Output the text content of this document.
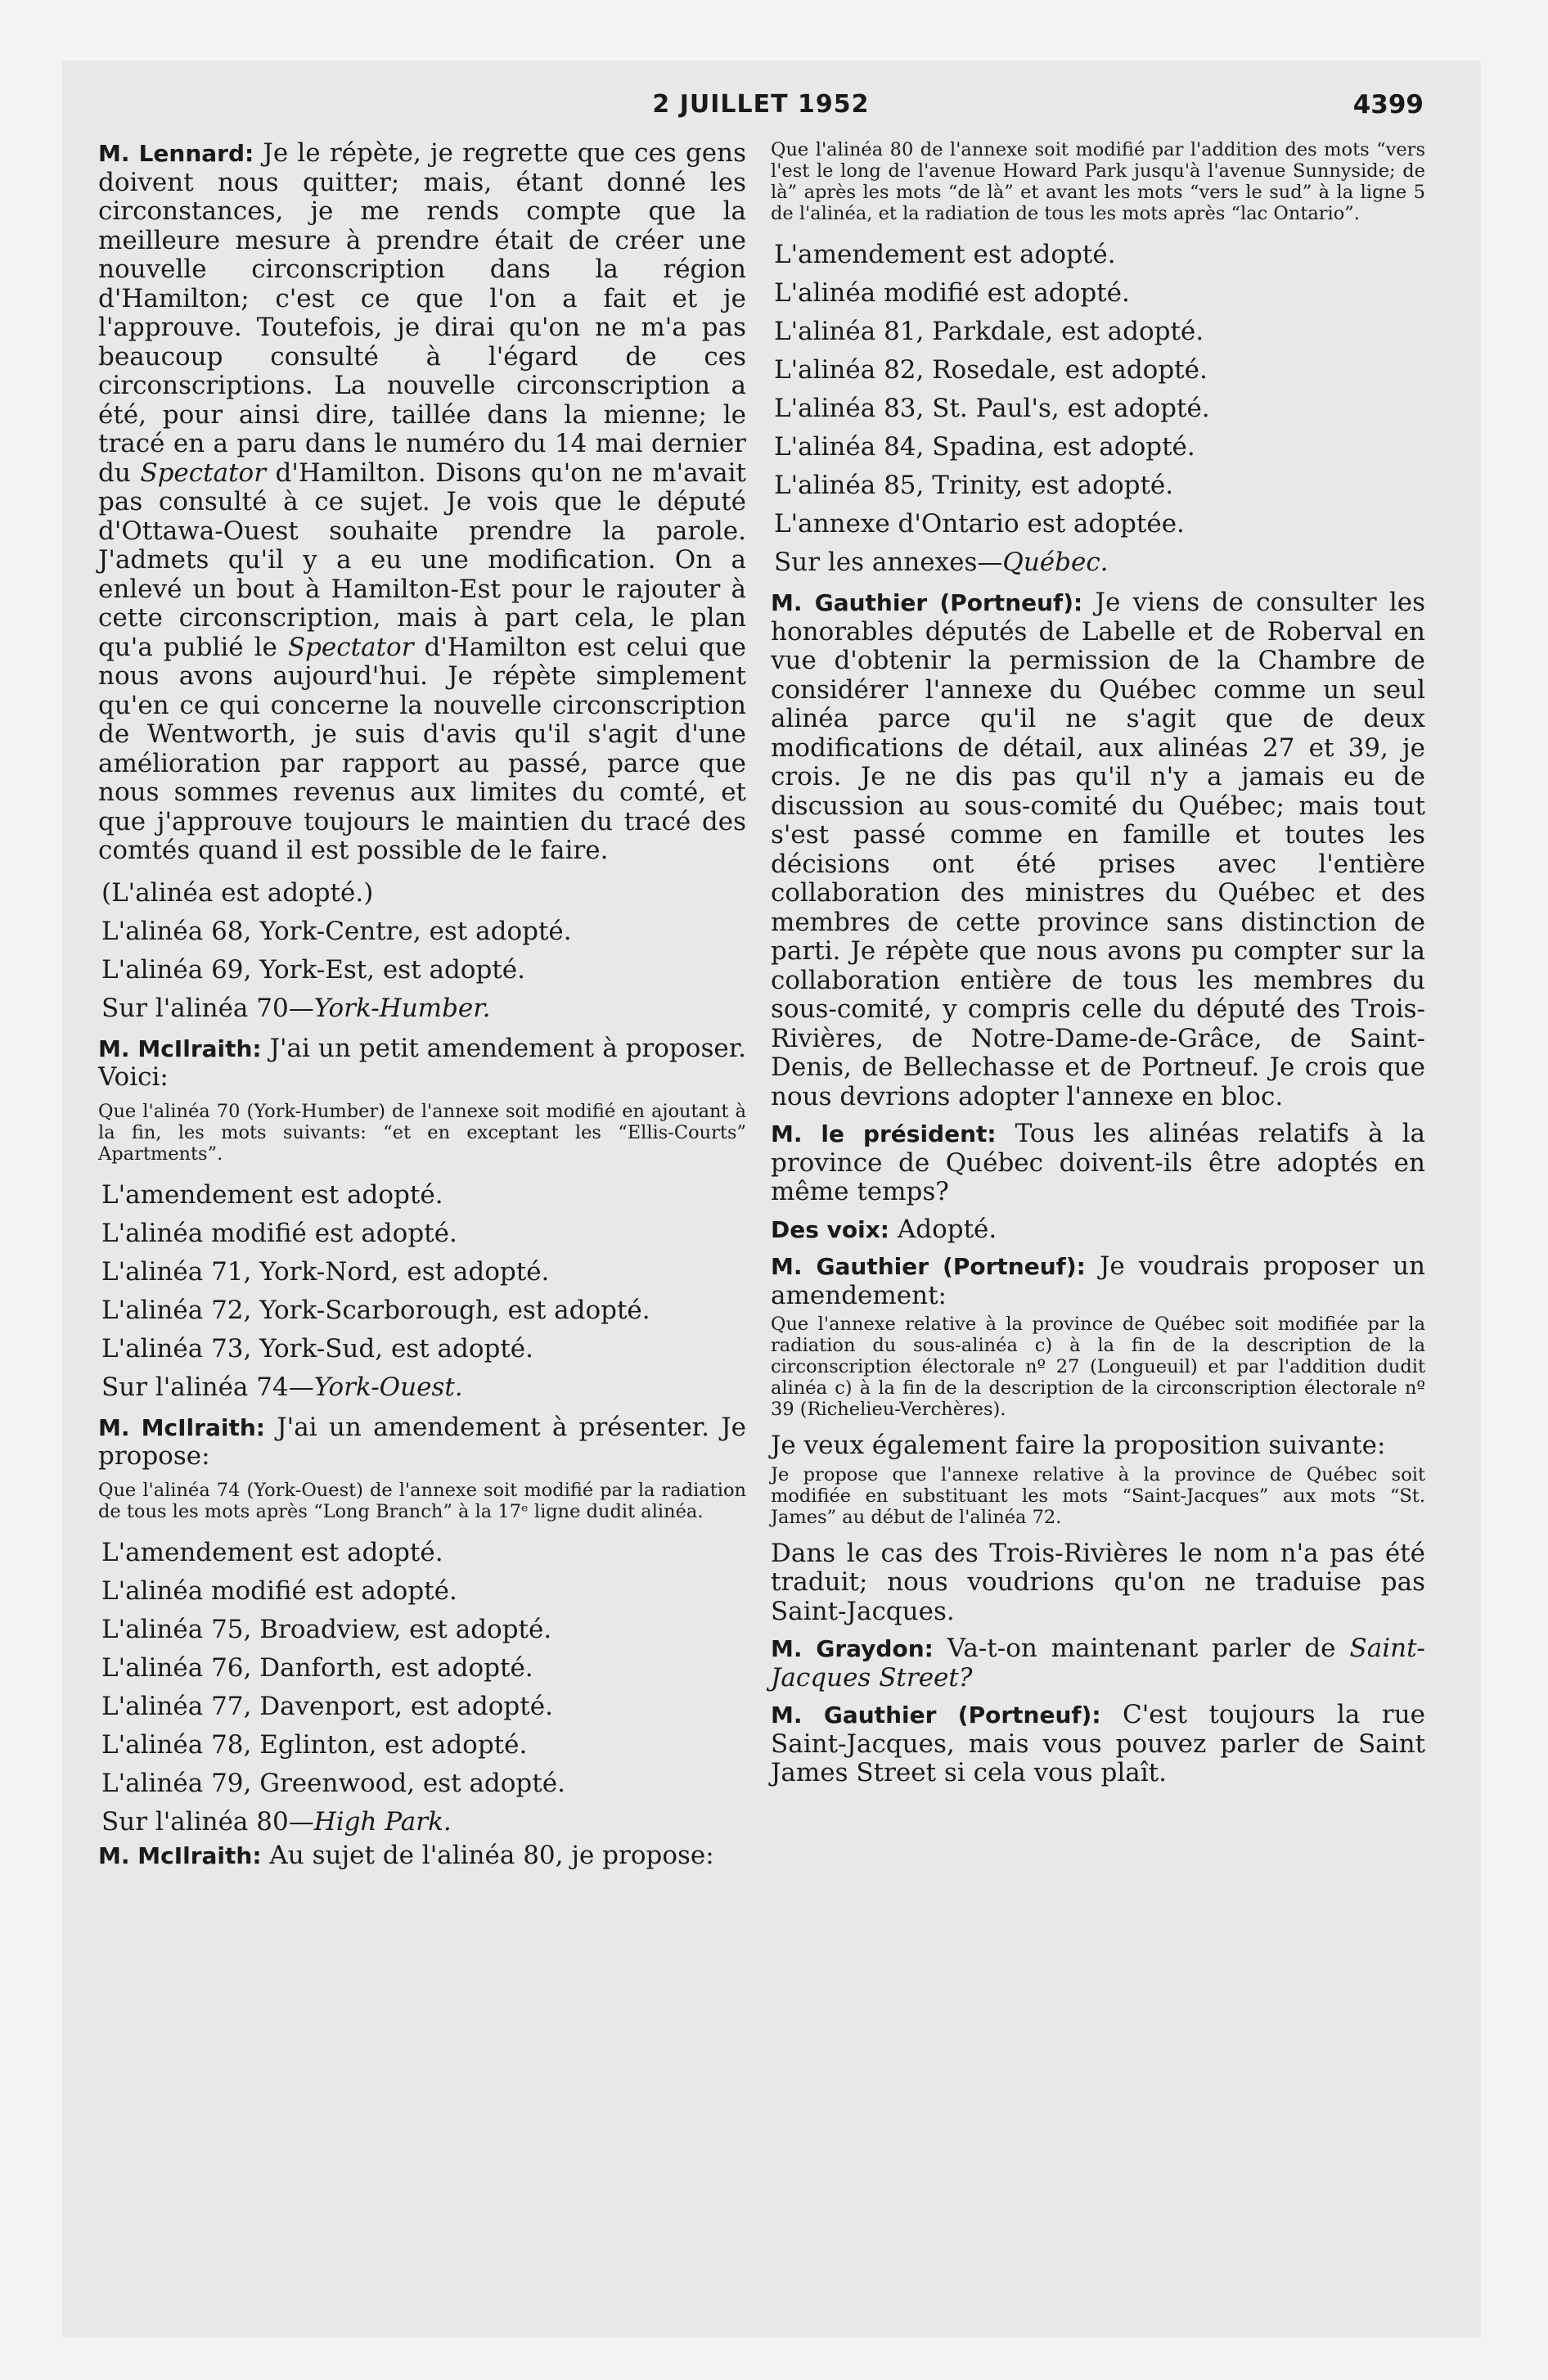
2 JUILLET 1952	4399

M. Lennard: Je le répète, je regrette que ces gens doivent nous quitter; mais, étant donné les circonstances, je me rends compte que la meilleure mesure à prendre était de créer une nouvelle circonscription dans la région d'Hamilton; c'est ce que l'on a fait et je l'approuve. Toutefois, je dirai qu'on ne m'a pas beaucoup consulté à l'égard de ces circonscriptions. La nouvelle circonscription a été, pour ainsi dire, taillée dans la mienne; le tracé en a paru dans le numéro du 14 mai dernier du Spectator d'Hamilton. Disons qu'on ne m'avait pas consulté à ce sujet. Je vois que le député d'Ottawa-Ouest souhaite prendre la parole. J'admets qu'il y a eu une modification. On a enlevé un bout à Hamilton-Est pour le rajouter à cette circonscription, mais à part cela, le plan qu'a publié le Spectator d'Hamilton est celui que nous avons aujourd'hui. Je répète simplement qu'en ce qui concerne la nouvelle circonscription de Wentworth, je suis d'avis qu'il s'agit d'une amélioration par rapport au passé, parce que nous sommes revenus aux limites du comté, et que j'approuve toujours le maintien du tracé des comtés quand il est possible de le faire.

(L'alinéa est adopté.)
L'alinéa 68, York-Centre, est adopté.
L'alinéa 69, York-Est, est adopté.
Sur l'alinéa 70—York-Humber.

M. McIlraith: J'ai un petit amendement à proposer. Voici:

Que l'alinéa 70 (York-Humber) de l'annexe soit modifié en ajoutant à la fin, les mots suivants: “et en exceptant les “Ellis-Courts” Apartments”.

L'amendement est adopté.
L'alinéa modifié est adopté.
L'alinéa 71, York-Nord, est adopté.
L'alinéa 72, York-Scarborough, est adopté.
L'alinéa 73, York-Sud, est adopté.
Sur l'alinéa 74—York-Ouest.

M. McIlraith: J'ai un amendement à présenter. Je propose:

Que l'alinéa 74 (York-Ouest) de l'annexe soit modifié par la radiation de tous les mots après “Long Branch” à la 17ᵉ ligne dudit alinéa.

L'amendement est adopté.
L'alinéa modifié est adopté.
L'alinéa 75, Broadview, est adopté.
L'alinéa 76, Danforth, est adopté.
L'alinéa 77, Davenport, est adopté.
L'alinéa 78, Eglinton, est adopté.
L'alinéa 79, Greenwood, est adopté.
Sur l'alinéa 80—High Park.

M. McIlraith: Au sujet de l'alinéa 80, je propose:

Que l'alinéa 80 de l'annexe soit modifié par l'addition des mots “vers l'est le long de l'avenue Howard Park jusqu'à l'avenue Sunnyside; de là” après les mots “de là” et avant les mots “vers le sud” à la ligne 5 de l'alinéa, et la radiation de tous les mots après “lac Ontario”.

L'amendement est adopté.
L'alinéa modifié est adopté.
L'alinéa 81, Parkdale, est adopté.
L'alinéa 82, Rosedale, est adopté.
L'alinéa 83, St. Paul's, est adopté.
L'alinéa 84, Spadina, est adopté.
L'alinéa 85, Trinity, est adopté.
L'annexe d'Ontario est adoptée.
Sur les annexes—Québec.

M. Gauthier (Portneuf): Je viens de consulter les honorables députés de Labelle et de Roberval en vue d'obtenir la permission de la Chambre de considérer l'annexe du Québec comme un seul alinéa parce qu'il ne s'agit que de deux modifications de détail, aux alinéas 27 et 39, je crois. Je ne dis pas qu'il n'y a jamais eu de discussion au sous-comité du Québec; mais tout s'est passé comme en famille et toutes les décisions ont été prises avec l'entière collaboration des ministres du Québec et des membres de cette province sans distinction de parti. Je répète que nous avons pu compter sur la collaboration entière de tous les membres du sous-comité, y compris celle du député des Trois-Rivières, de Notre-Dame-de-Grâce, de Saint-Denis, de Bellechasse et de Portneuf. Je crois que nous devrions adopter l'annexe en bloc.

M. le président: Tous les alinéas relatifs à la province de Québec doivent-ils être adoptés en même temps?

Des voix: Adopté.

M. Gauthier (Portneuf): Je voudrais proposer un amendement:

Que l'annexe relative à la province de Québec soit modifiée par la radiation du sous-alinéa c) à la fin de la description de la circonscription électorale nº 27 (Longueuil) et par l'addition dudit alinéa c) à la fin de la description de la circonscription électorale nº 39 (Richelieu-Verchères).

Je veux également faire la proposition suivante:

Je propose que l'annexe relative à la province de Québec soit modifiée en substituant les mots “Saint-Jacques” aux mots “St. James” au début de l'alinéa 72.

Dans le cas des Trois-Rivières le nom n'a pas été traduit; nous voudrions qu'on ne traduise pas Saint-Jacques.

M. Graydon: Va-t-on maintenant parler de Saint-Jacques Street?

M. Gauthier (Portneuf): C'est toujours la rue Saint-Jacques, mais vous pouvez parler de Saint James Street si cela vous plaît.
